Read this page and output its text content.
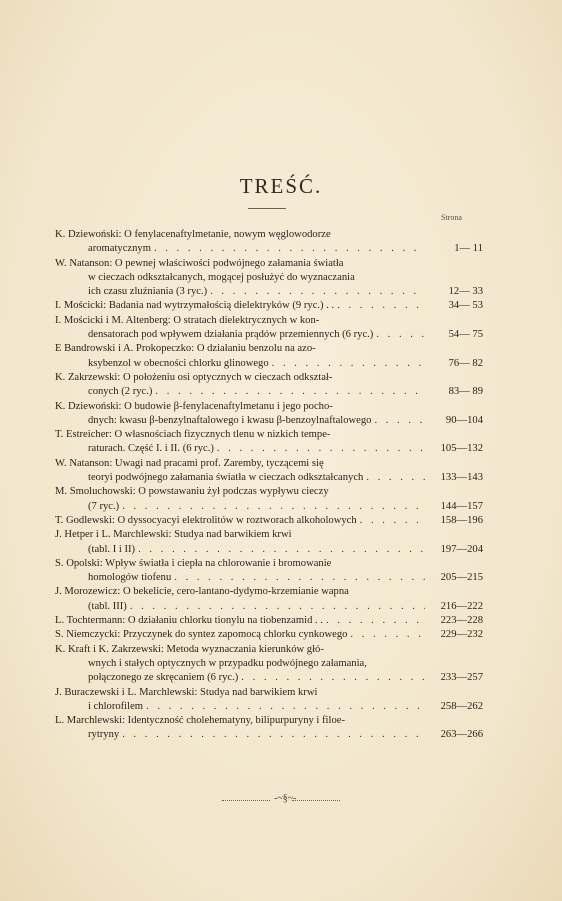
TREŚĆ.
Strona
K. Dziewoński: O fenylacenaftylmetanie, nowym węglowodorze
aromatycznym . . .	1— 11
W. Natanson: O pewnej właściwości podwójnego załamania światła
w cieczach odkształcanych, mogącej posłużyć do wyznaczania
ich czasu zluźniania (3 ryc.) . . .	12— 33
I. Mościcki: Badania nad wytrzymałością dielektryków (9 ryc.) . . . . .	34— 53
I. Mościcki i M. Altenberg: O stratach dielektrycznych w kon-
densatorach pod wpływem działania prądów przemiennych (6 ryc.) . . .	54— 75
E Bandrowski i A. Prokopeczko: O działaniu benzolu na azo-
ksybenzol w obecności chlorku glinowego . . .	76— 82
K. Zakrzewski: O położeniu osi optycznych w cieczach odkształ-
conych (2 ryc.) . . .	83— 89
K. Dziewoński: O budowie β-fenylacenaftylmetanu i jego pocho-
dnych: kwasu β-benzylnaftalowego i kwasu β-benzoylnaftalowego . . .	90—104
T. Estreicher: O własnościach fizycznych tlenu w nizkich tempe-
raturach. Część I. i II. (6 ryc.) . . .	105—132
W. Natanson: Uwagi nad pracami prof. Zaremby, tyczącemi się
teoryi podwójnego załamania światła w cieczach odkształcanych . . .	133—143
M. Smoluchowski: O powstawaniu żył podczas wypływu cieczy
(7 ryc.) . . .	144—157
T. Godlewski: O dyssocyacyi elektrolitów w roztworach alkoholowych . . .	158—196
J. Hetper i L. Marchlewski: Studya nad barwikiem krwi
(tabl. I i II) . . .	197—204
S. Opolski: Wpływ światła i ciepła na chlorowanie i bromowanie
homologów tiofenu . . .	205—215
J. Morozewicz: O bekelicie, cero-lantano-dydymo-krzemianie wapna
(tabl. III) . . .	216—222
L. Tochtermann: O działaniu chlorku tionylu na tiobenzamid . . . . .	223—228
S. Niemczycki: Przyczynek do syntez zapomocą chlorku cynkowego . . .	229—232
K. Kraft i K. Zakrzewski: Metoda wyznaczania kierunków głó-
wnych i stałych optycznych w przypadku podwójnego załamania,
połączonego ze skręcaniem (6 ryc.) . . .	233—257
J. Buraczewski i L. Marchlewski: Studya nad barwikiem krwi
i chlorofilem . . .	258—262
L. Marchlewski: Identyczność cholehematyny, bilipurpuryny i filoe-
rytryny . . .	263—266
-~§~-
